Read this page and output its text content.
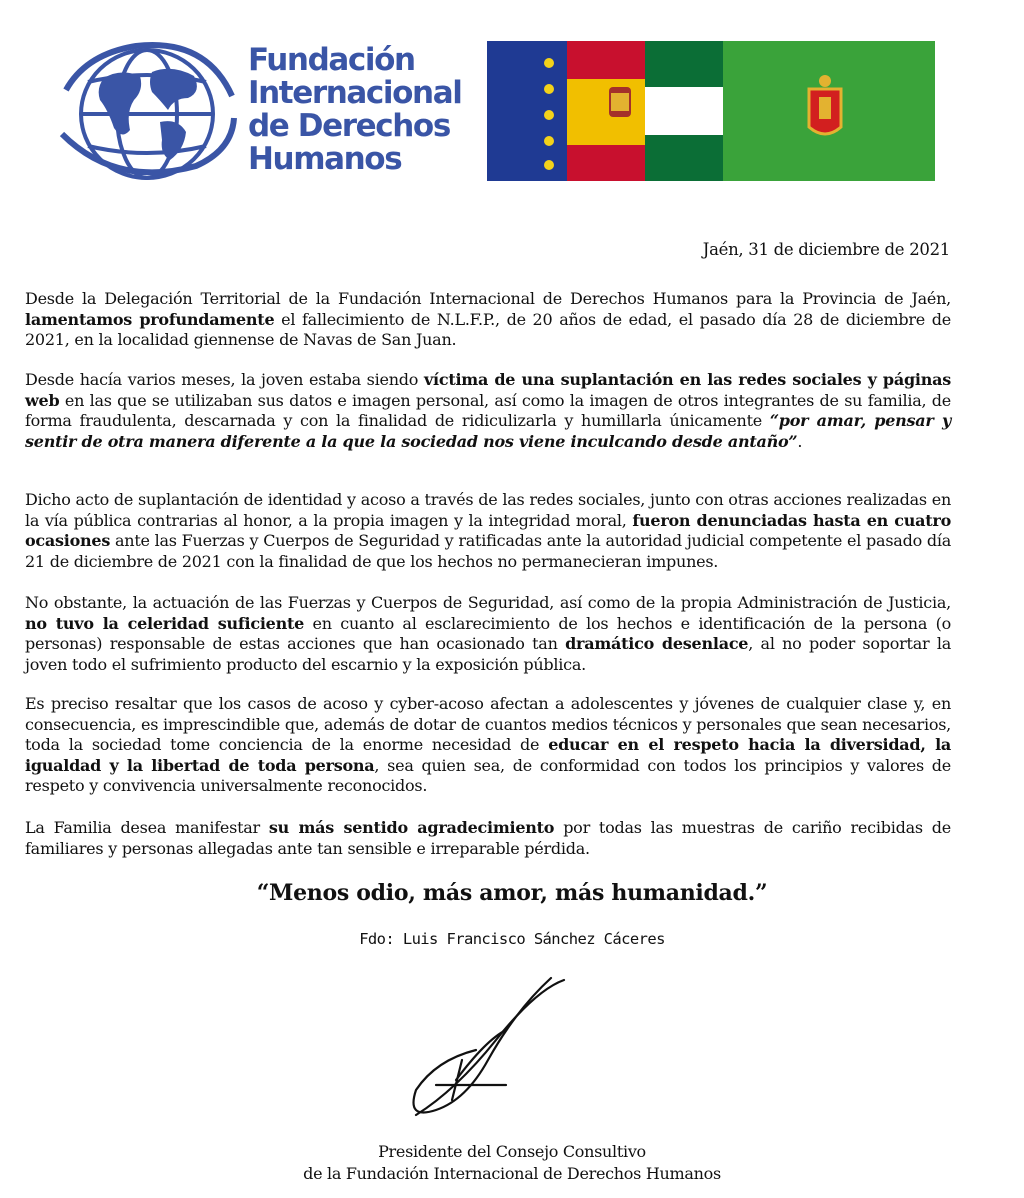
Fundación
Internacional
de Derechos
Humanos
Jaén, 31 de diciembre de 2021

Desde la Delegación Territorial de la Fundación Internacional de Derechos Humanos para la Provincia de Jaén, lamentamos profundamente el fallecimiento de N.L.F.P., de 20 años de edad, el pasado día 28 de diciembre de 2021, en la localidad giennense de Navas de San Juan.

Desde hacía varios meses, la joven estaba siendo víctima de una suplantación en las redes sociales y páginas web en las que se utilizaban sus datos e imagen personal, así como la imagen de otros integrantes de su familia, de forma fraudulenta, descarnada y con la finalidad de ridiculizarla y humillarla únicamente “por amar, pensar y sentir de otra manera diferente a la que la sociedad nos viene inculcando desde antaño”.

Dicho acto de suplantación de identidad y acoso a través de las redes sociales, junto con otras acciones realizadas en la vía pública contrarias al honor, a la propia imagen y la integridad moral, fueron denunciadas hasta en cuatro ocasiones ante las Fuerzas y Cuerpos de Seguridad y ratificadas ante la autoridad judicial competente el pasado día 21 de diciembre de 2021 con la finalidad de que los hechos no permanecieran impunes.

No obstante, la actuación de las Fuerzas y Cuerpos de Seguridad, así como de la propia Administración de Justicia, no tuvo la celeridad suficiente en cuanto al esclarecimiento de los hechos e identificación de la persona (o personas) responsable de estas acciones que han ocasionado tan dramático desenlace, al no poder soportar la joven todo el sufrimiento producto del escarnio y la exposición pública.

Es preciso resaltar que los casos de acoso y cyber-acoso afectan a adolescentes y jóvenes de cualquier clase y, en consecuencia, es imprescindible que, además de dotar de cuantos medios técnicos y personales que sean necesarios, toda la sociedad tome conciencia de la enorme necesidad de educar en el respeto hacia la diversidad, la igualdad y la libertad de toda persona, sea quien sea, de conformidad con todos los principios y valores de respeto y convivencia universalmente reconocidos.

La Familia desea manifestar su más sentido agradecimiento por todas las muestras de cariño recibidas de familiares y personas allegadas ante tan sensible e irreparable pérdida.

“Menos odio, más amor, más humanidad.”
Fdo: Luis Francisco Sánchez Cáceres
Presidente del Consejo Consultivo
de la Fundación Internacional de Derechos Humanos
